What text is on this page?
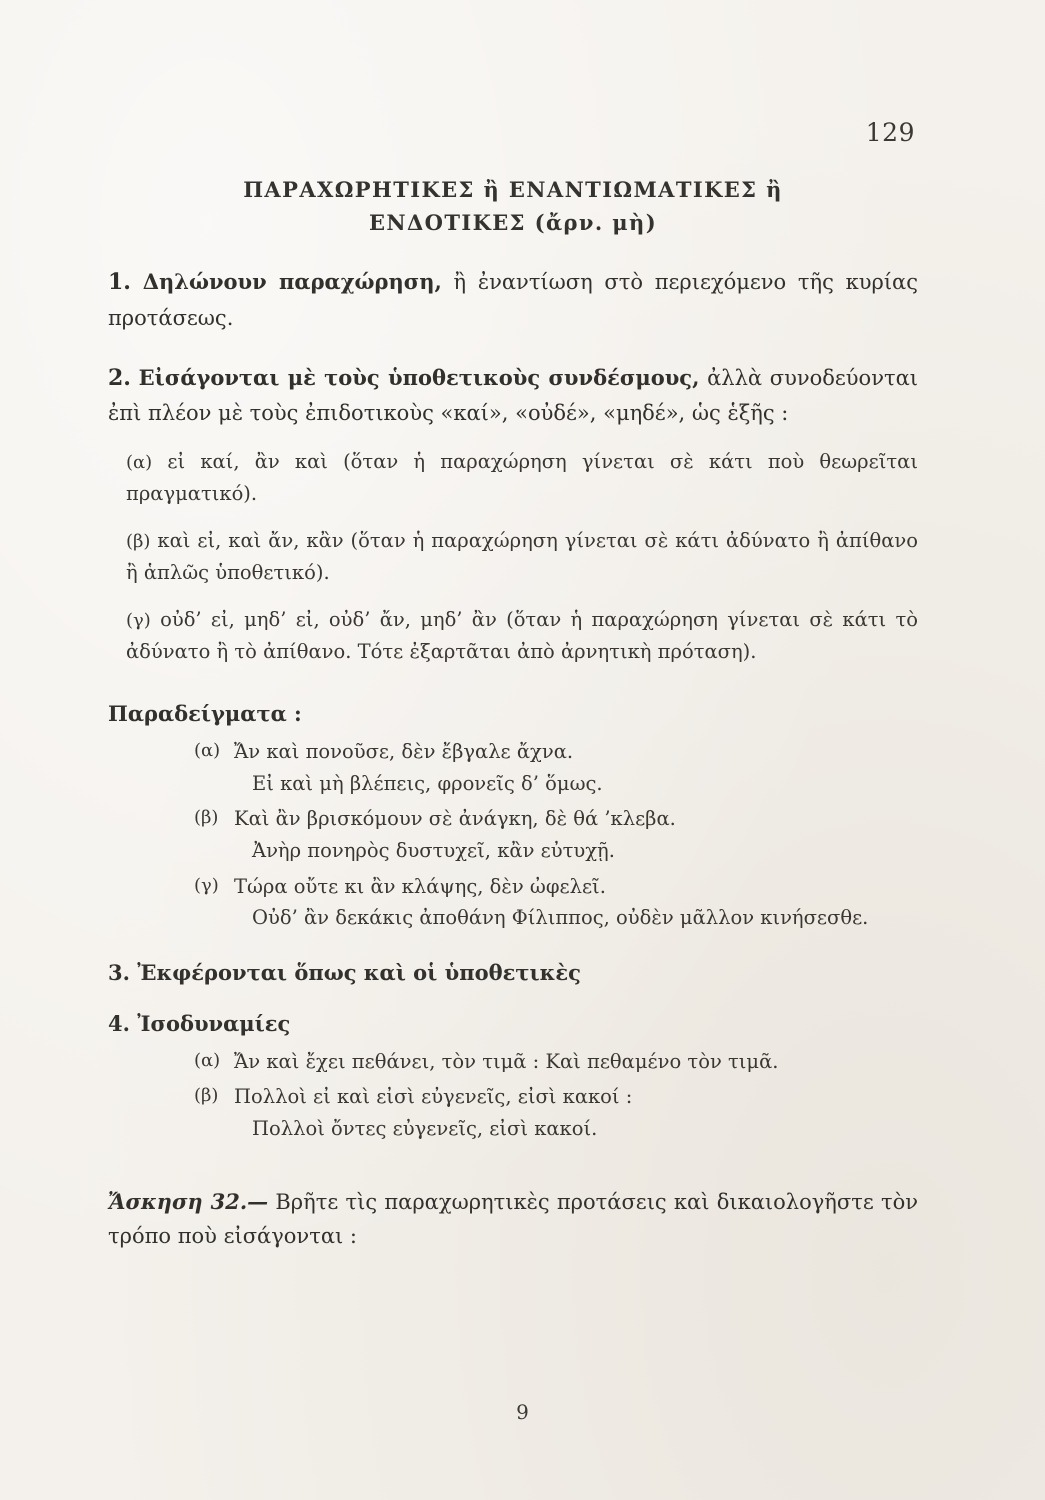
129
ΠΑΡΑΧΩΡΗΤΙΚΕΣ ἢ ΕΝΑΝΤΙΩΜΑΤΙΚΕΣ ἢ
ΕΝΔΟΤΙΚΕΣ (ἄρν. μὴ)
1. Δηλώνουν παραχώρηση, ἢ ἐναντίωση στὸ περιεχόμενο τῆς κυρίας προτάσεως.
2. Εἰσάγονται μὲ τοὺς ὑποθετικοὺς συνδέσμους, ἀλλὰ συνοδεύονται ἐπὶ πλέον μὲ τοὺς ἐπιδοτικοὺς «καί», «οὐδέ», «μηδέ», ὡς ἑξῆς :
(α) εἰ καί, ἂν καὶ (ὅταν ἡ παραχώρηση γίνεται σὲ κάτι ποὺ θεωρεῖται πραγματικό).
(β) καὶ εἰ, καὶ ἄν, κἂν (ὅταν ἡ παραχώρηση γίνεται σὲ κάτι ἀδύνατο ἢ ἀπίθανο ἢ ἁπλῶς ὑποθετικό).
(γ) οὐδ’ εἰ, μηδ’ εἰ, οὐδ’ ἄν, μηδ’ ἂν (ὅταν ἡ παραχώρηση γίνεται σὲ κάτι τὸ ἀδύνατο ἢ τὸ ἀπίθανο. Τότε ἐξαρτᾶται ἀπὸ ἀρνητικὴ πρόταση).
Παραδείγματα :
(α) Ἄν καὶ πονοῦσε, δὲν ἔβγαλε ἄχνα.
Εἰ καὶ μὴ βλέπεις, φρονεῖς δ’ ὅμως.
(β) Καὶ ἂν βρισκόμουν σὲ ἀνάγκη, δὲ θά ’κλεβα.
Ἀνὴρ πονηρὸς δυστυχεῖ, κἂν εὐτυχῇ.
(γ) Τώρα οὔτε κι ἂν κλάψης, δὲν ὠφελεῖ.
Οὐδ’ ἂν δεκάκις ἀποθάνη Φίλιππος, οὐδὲν μᾶλλον κινήσεσθε.
3. Ἐκφέρονται ὅπως καὶ οἱ ὑποθετικὲς
4. Ἰσοδυναμίες
(α) Ἄν καὶ ἔχει πεθάνει, τὸν τιμᾶ : Καὶ πεθαμένο τὸν τιμᾶ.
(β) Πολλοὶ εἰ καὶ εἰσὶ εὐγενεῖς, εἰσὶ κακοί :
Πολλοὶ ὄντες εὐγενεῖς, εἰσὶ κακοί.
Ἄσκηση 32.— Βρῆτε τὶς παραχωρητικὲς προτάσεις καὶ δικαιολογῆστε τὸν τρόπο ποὺ εἰσάγονται :
9
